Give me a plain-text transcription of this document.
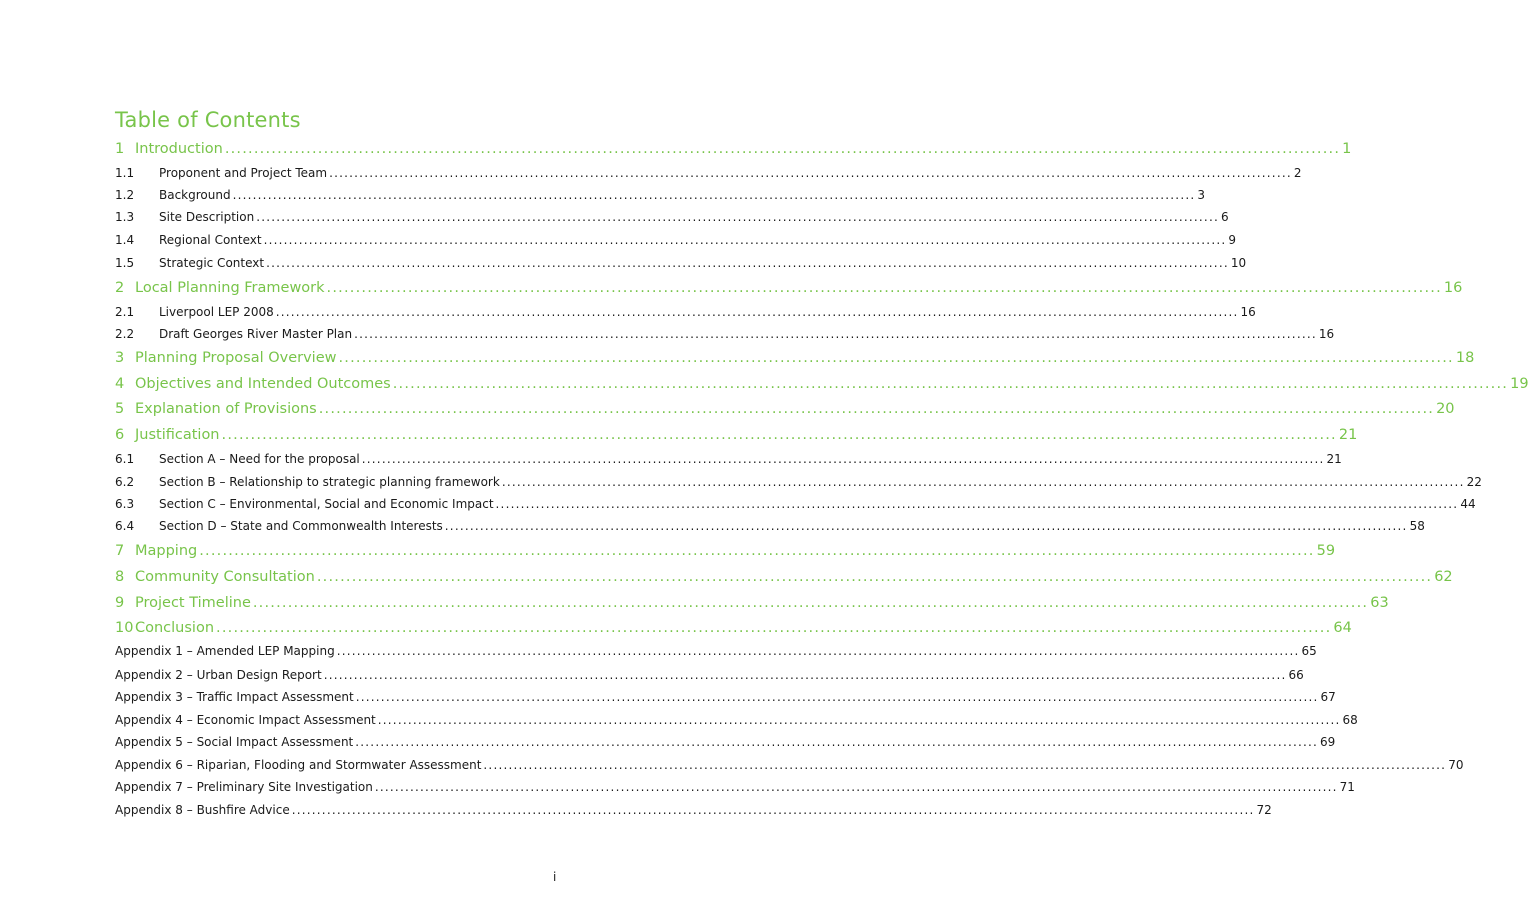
Table of Contents
1 Introduction .....	1
1.1	Proponent and Project Team .....	2
1.2	Background .....	3
1.3	Site Description .....	6
1.4	Regional Context .....	9
1.5	Strategic Context .....	10
2 Local Planning Framework .....	16
2.1	Liverpool LEP 2008 .....	16
2.2	Draft Georges River Master Plan .....	16
3 Planning Proposal Overview .....	18
4 Objectives and Intended Outcomes .....	19
5 Explanation of Provisions .....	20
6 Justification .....	21
6.1	Section A – Need for the proposal .....	21
6.2	Section B – Relationship to strategic planning framework .....	22
6.3	Section C – Environmental, Social and Economic Impact .....	44
6.4	Section D – State and Commonwealth Interests .....	58
7 Mapping .....	59
8 Community Consultation .....	62
9 Project Timeline .....	63
10 Conclusion .....	64
Appendix 1 – Amended LEP Mapping .....	65
Appendix 2 – Urban Design Report .....	66
Appendix 3 – Traffic Impact Assessment .....	67
Appendix 4 – Economic Impact Assessment .....	68
Appendix 5 – Social Impact Assessment .....	69
Appendix 6 – Riparian, Flooding and Stormwater Assessment .....	70
Appendix 7 – Preliminary Site Investigation .....	71
Appendix 8 – Bushfire Advice .....	72
i
